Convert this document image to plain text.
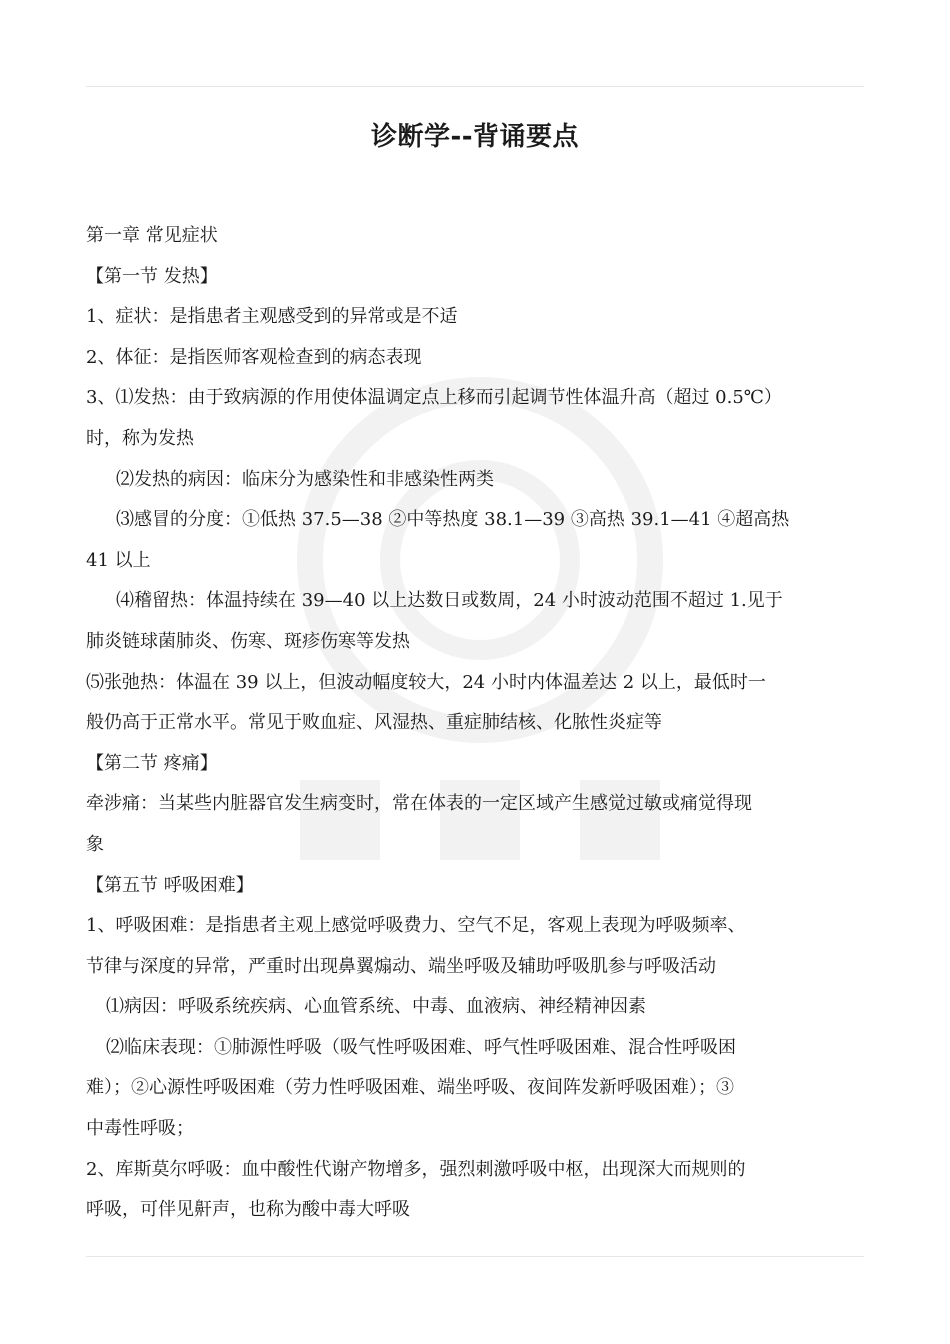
诊断学--背诵要点
第一章 常见症状
【第一节 发热】
1、症状：是指患者主观感受到的异常或是不适
2、体征：是指医师客观检查到的病态表现
3、⑴发热：由于致病源的作用使体温调定点上移而引起调节性体温升高（超过 0.5℃）
时，称为发热
⑵发热的病因：临床分为感染性和非感染性两类
⑶感冒的分度：①低热 37.5—38 ②中等热度 38.1—39 ③高热 39.1—41 ④超高热
41 以上
⑷稽留热：体温持续在 39—40 以上达数日或数周，24 小时波动范围不超过 1.见于
肺炎链球菌肺炎、伤寒、斑疹伤寒等发热
⑸张弛热：体温在 39 以上，但波动幅度较大，24 小时内体温差达 2 以上，最低时一
般仍高于正常水平。常见于败血症、风湿热、重症肺结核、化脓性炎症等
【第二节 疼痛】
牵涉痛：当某些内脏器官发生病变时，常在体表的一定区域产生感觉过敏或痛觉得现
象
【第五节 呼吸困难】
1、呼吸困难：是指患者主观上感觉呼吸费力、空气不足，客观上表现为呼吸频率、
节律与深度的异常，严重时出现鼻翼煽动、端坐呼吸及辅助呼吸肌参与呼吸活动
⑴病因：呼吸系统疾病、心血管系统、中毒、血液病、神经精神因素
⑵临床表现：①肺源性呼吸（吸气性呼吸困难、呼气性呼吸困难、混合性呼吸困
难）；②心源性呼吸困难（劳力性呼吸困难、端坐呼吸、夜间阵发新呼吸困难）；③
中毒性呼吸；
2、库斯莫尔呼吸：血中酸性代谢产物增多，强烈刺激呼吸中枢，出现深大而规则的
呼吸，可伴见鼾声，也称为酸中毒大呼吸
